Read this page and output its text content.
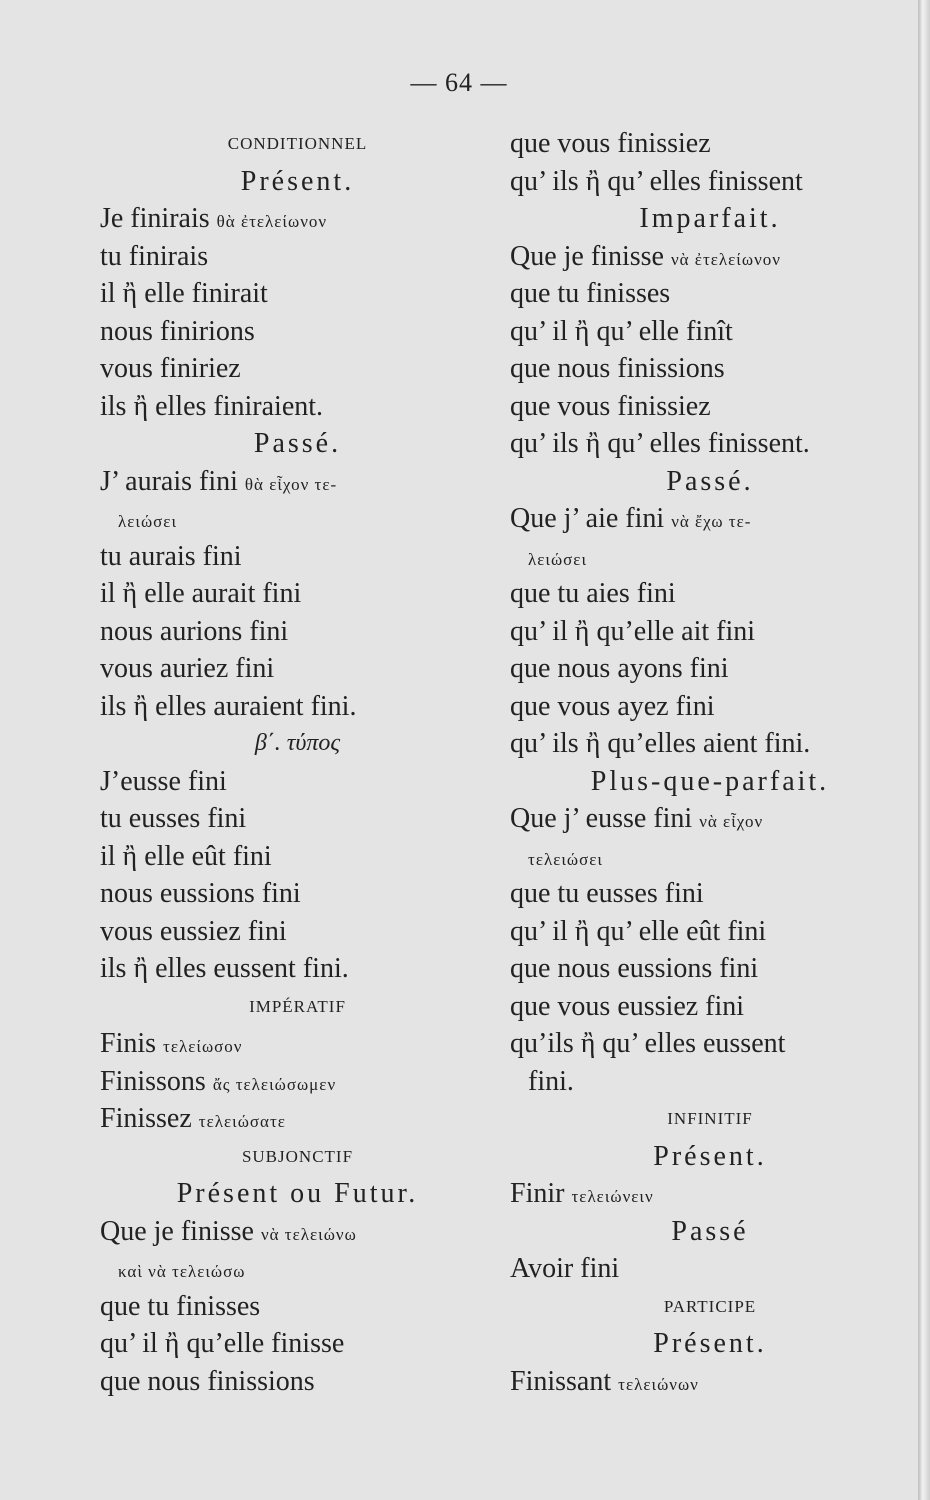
— 64 —
CONDITIONNEL
Présent.
Je finirais θὰ ἐτελείωνον
tu finirais
il ἢ elle finirait
nous finirions
vous finiriez
ils ἢ elles finiraient.
Passé.
J’ aurais fini θὰ εἶχον τε-
λειώσει
tu aurais fini
il ἢ elle aurait fini
nous aurions fini
vous auriez fini
ils ἢ elles auraient fini.
β΄. τύπος
J’eusse fini
tu eusses fini
il ἢ elle eût fini
nous eussions fini
vous eussiez fini
ils ἢ elles eussent fini.
IMPÉRATIF
Finis τελείωσον
Finissons ἄς τελειώσωμεν
Finissez τελειώσατε
SUBJONCTIF
Présent ou Futur.
Que je finisse νὰ τελειώνω
καὶ νὰ τελειώσω
que tu finisses
qu’ il ἢ qu’elle finisse
que nous finissions
que vous finissiez
qu’ ils ἢ qu’ elles finissent
Imparfait.
Que je finisse νὰ ἐτελείωνον
que tu finisses
qu’ il ἢ qu’ elle finît
que nous finissions
que vous finissiez
qu’ ils ἢ qu’ elles finissent.
Passé.
Que j’ aie fini νὰ ἔχω τε-
λειώσει
que tu aies fini
qu’ il ἢ qu’elle ait fini
que nous ayons fini
que vous ayez fini
qu’ ils ἢ qu’elles aient fini.
Plus-que-parfait.
Que j’ eusse fini νὰ εἶχον
τελειώσει
que tu eusses fini
qu’ il ἢ qu’ elle eût fini
que nous eussions fini
que vous eussiez fini
qu’ils ἢ qu’ elles eussent
fini.
INFINITIF
Présent.
Finir τελειώνειν
Passé
Avoir fini
PARTICIPE
Présent.
Finissant τελειώνων
